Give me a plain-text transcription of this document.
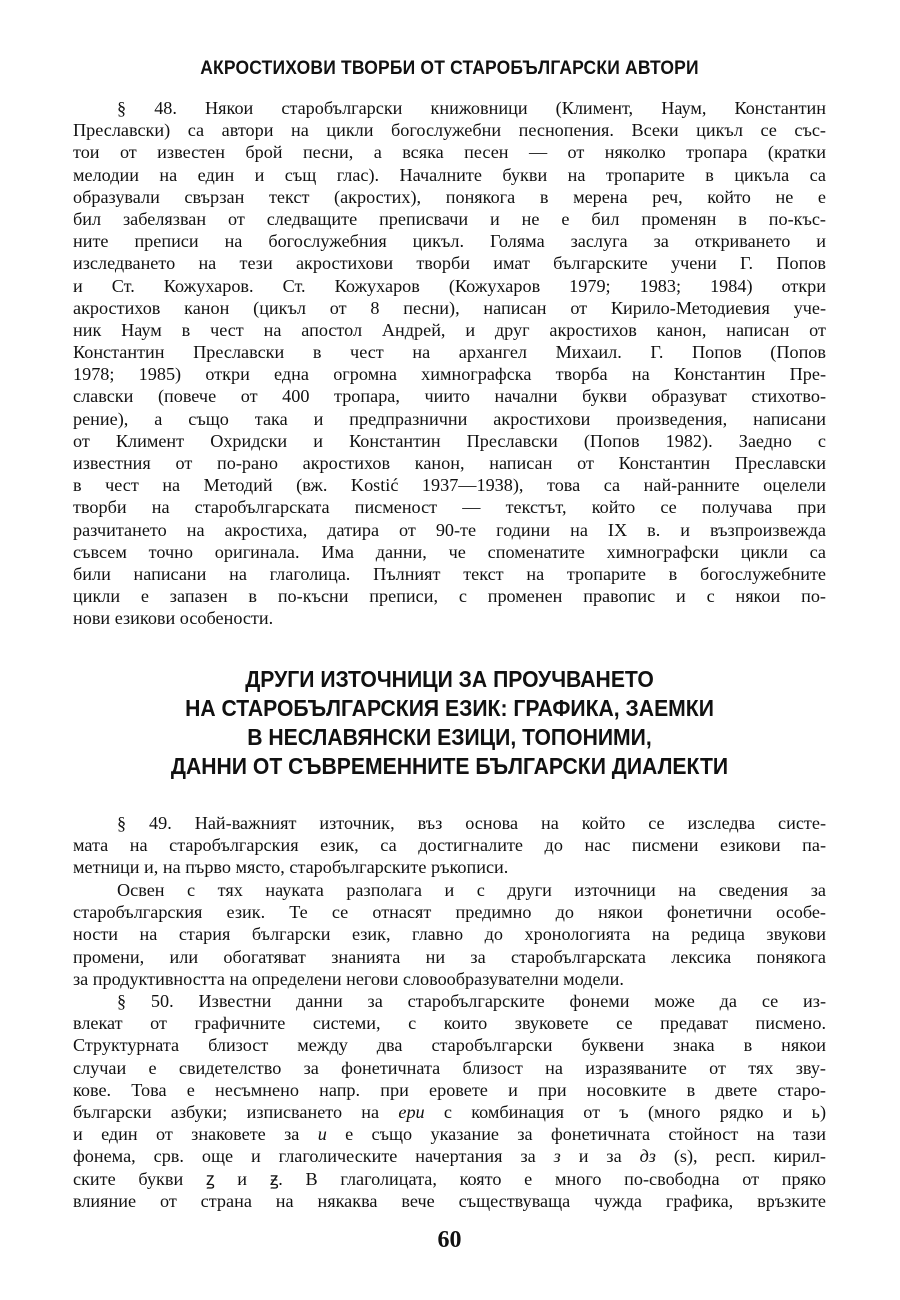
АКРОСТИХОВИ ТВОРБИ ОТ СТАРОБЪЛГАРСКИ АВТОРИ
§ 48. Някои старобългарски книжовници (Климент, Наум, Константин
Преславски) са автори на цикли богослужебни песнопения. Всеки цикъл се със-
тои от известен брой песни, а всяка песен — от няколко тропара (кратки
мелодии на един и същ глас). Началните букви на тропарите в цикъла са
образували свързан текст (акростих), понякога в мерена реч, който не е
бил забелязван от следващите преписвачи и не е бил променян в по-къс-
ните преписи на богослужебния цикъл. Голяма заслуга за откриването и
изследването на тези акростихови творби имат българските учени Г. Попов
и Ст. Кожухаров. Ст. Кожухаров (Кожухаров 1979; 1983; 1984) откри
акростихов канон (цикъл от 8 песни), написан от Кирило-Методиевия уче-
ник Наум в чест на апостол Андрей, и друг акростихов канон, написан от
Константин Преславски в чест на архангел Михаил. Г. Попов (Попов
1978; 1985) откри една огромна химнографска творба на Константин Пре-
славски (повече от 400 тропара, чиито начални букви образуват стихотво-
рение), а също така и предпразнични акростихови произведения, написани
от Климент Охридски и Константин Преславски (Попов 1982). Заедно с
известния от по-рано акростихов канон, написан от Константин Преславски
в чест на Методий (вж. Kostić 1937—1938), това са най-ранните оцелели
творби на старобългарската писменост — текстът, който се получава при
разчитането на акростиха, датира от 90-те години на IX в. и възпроизвежда
съвсем точно оригинала. Има данни, че споменатите химнографски цикли са
били написани на глаголица. Пълният текст на тропарите в богослужебните
цикли е запазен в по-късни преписи, с променен правопис и с някои по-
нови езикови особености.
ДРУГИ ИЗТОЧНИЦИ ЗА ПРОУЧВАНЕТО
НА СТАРОБЪЛГАРСКИЯ ЕЗИК: ГРАФИКА, ЗАЕМКИ
В НЕСЛАВЯНСКИ ЕЗИЦИ, ТОПОНИМИ,
ДАННИ ОТ СЪВРЕМЕННИТЕ БЪЛГАРСКИ ДИАЛЕКТИ
§ 49. Най-важният източник, въз основа на който се изследва систе-
мата на старобългарския език, са достигналите до нас писмени езикови па-
метници и, на първо място, старобългарските ръкописи.
Освен с тях науката разполага и с други източници на сведения за
старобългарския език. Те се отнасят предимно до някои фонетични особе-
ности на стария български език, главно до хронологията на редица звукови
промени, или обогатяват знанията ни за старобългарската лексика понякога
за продуктивността на определени негови словообразувателни модели.
§ 50. Известни данни за старобългарските фонеми може да се из-
влекат от графичните системи, с които звуковете се предават писмено.
Структурната близост между два старобългарски буквени знака в някои
случаи е свидетелство за фонетичната близост на изразяваните от тях зву-
кове. Това е несъмнено напр. при еровете и при носовките в двете старо-
български азбуки; изписването на ери с комбинация от ъ (много рядко и ь)
и един от знаковете за и е също указание за фонетичната стойност на тази
фонема, срв. още и глаголическите начертания за з и за дз (ѕ), респ. кирил-
ските букви ꙁ и ꙃ. В глаголицата, която е много по-свободна от пряко
влияние от страна на някаква вече съществуваща чужда графика, връзките
60
